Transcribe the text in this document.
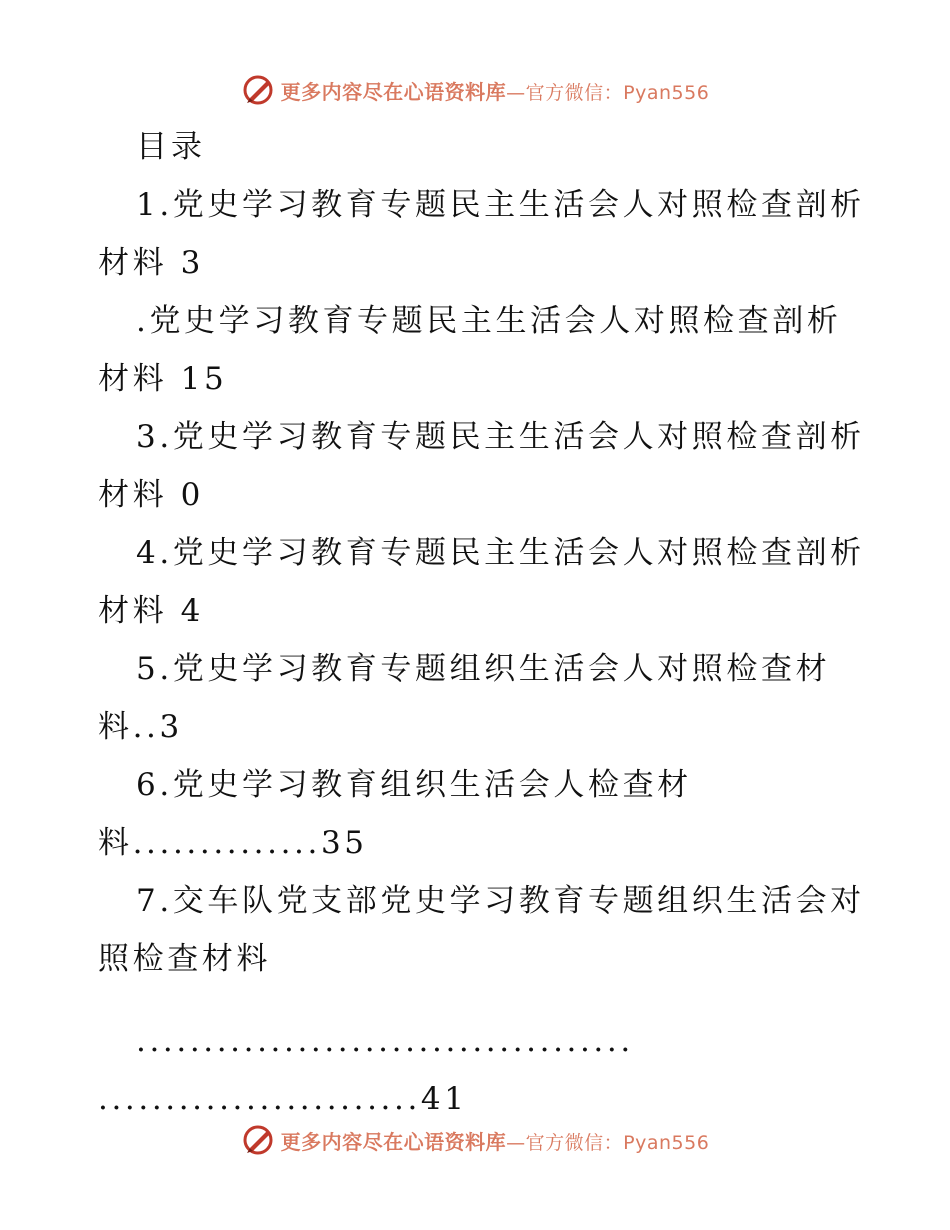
更多内容尽在心语资料库—官方微信：Pyan556
目录
1.党史学习教育专题民主生活会人对照检查剖析
材料 3
.党史学习教育专题民主生活会人对照检查剖析
材料 15
3.党史学习教育专题民主生活会人对照检查剖析
材料 0
4.党史学习教育专题民主生活会人对照检查剖析
材料 4
5.党史学习教育专题组织生活会人对照检查材
料..3
6.党史学习教育组织生活会人检查材
料..............35
7.交车队党支部党史学习教育专题组织生活会对
照检查材料
.....................................
........................41
更多内容尽在心语资料库—官方微信：Pyan556
